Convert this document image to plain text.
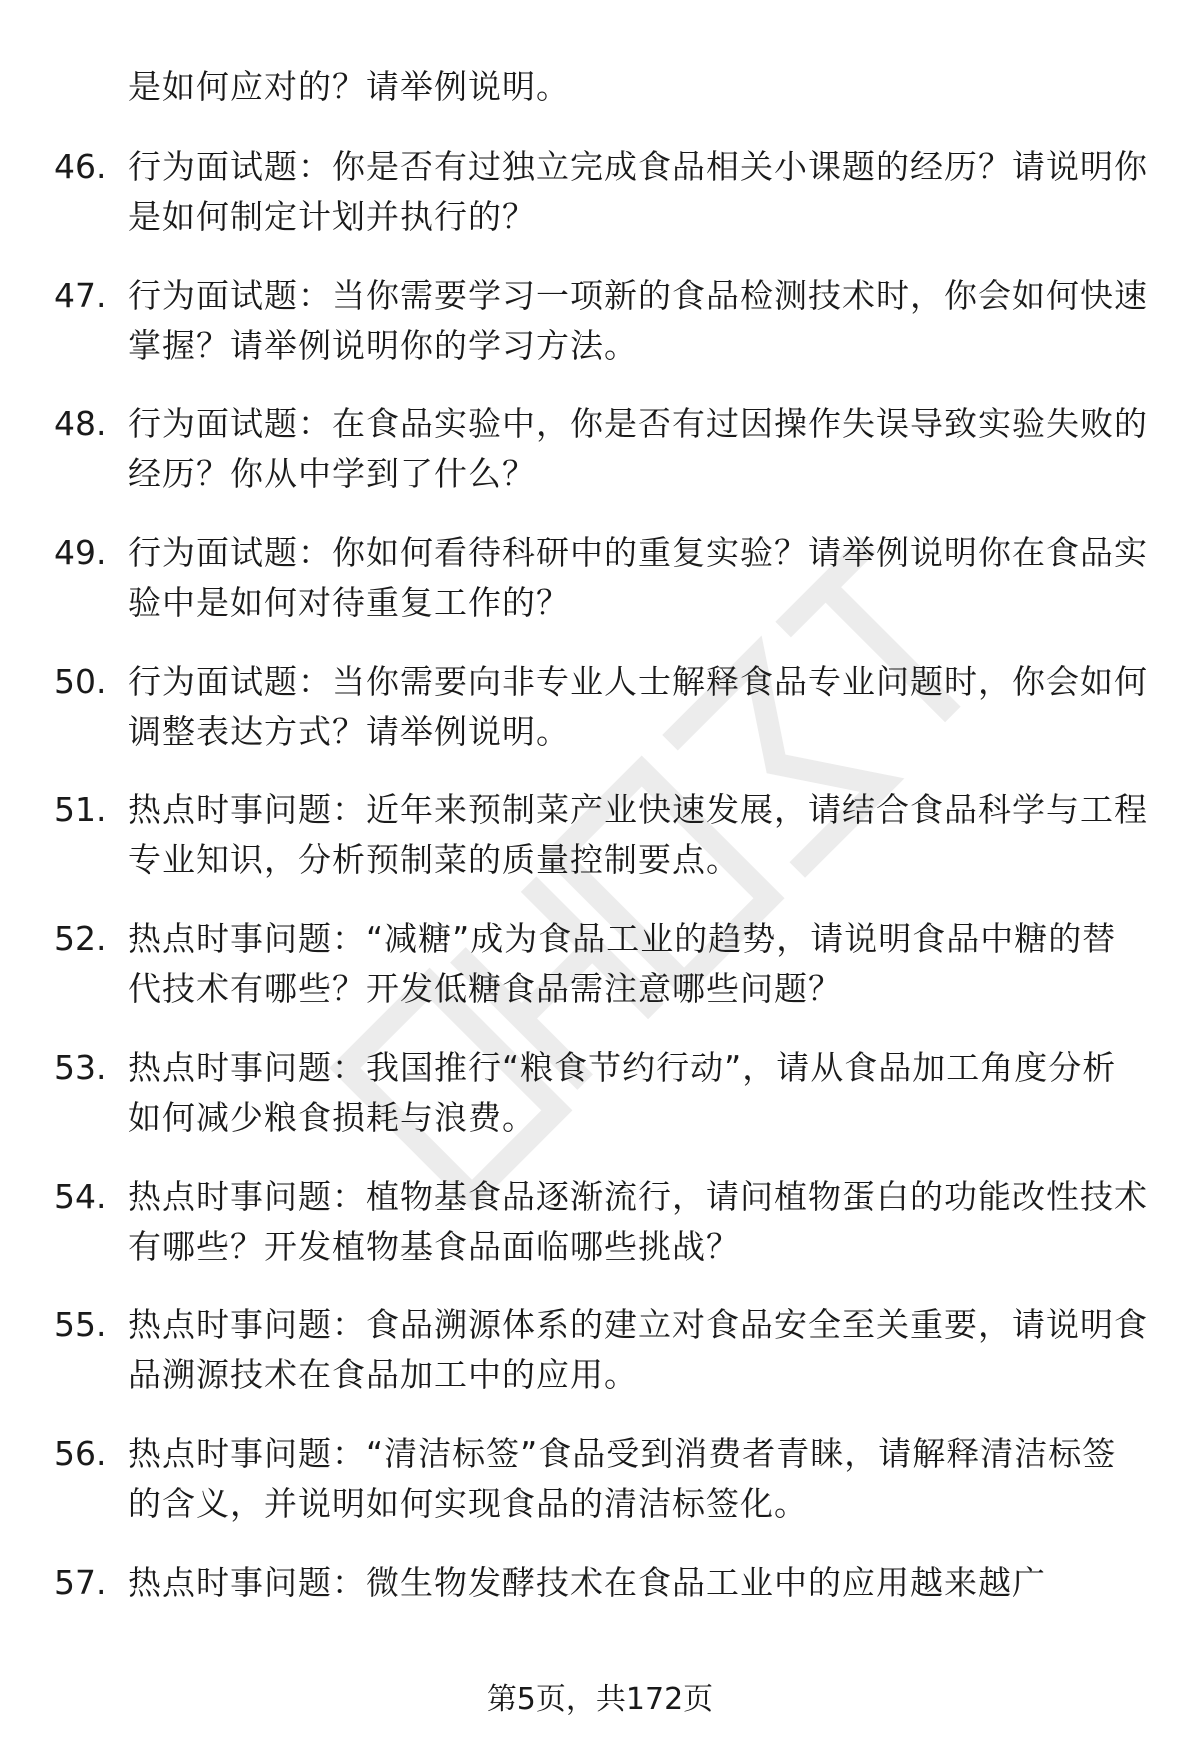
是如何应对的？请举例说明。
46. 行为面试题：你是否有过独立完成食品相关小课题的经历？请说明你是如何制定计划并执行的？
47. 行为面试题：当你需要学习一项新的食品检测技术时，你会如何快速掌握？请举例说明你的学习方法。
48. 行为面试题：在食品实验中，你是否有过因操作失误导致实验失败的经历？你从中学到了什么？
49. 行为面试题：你如何看待科研中的重复实验？请举例说明你在食品实验中是如何对待重复工作的？
50. 行为面试题：当你需要向非专业人士解释食品专业问题时，你会如何调整表达方式？请举例说明。
51. 热点时事问题：近年来预制菜产业快速发展，请结合食品科学与工程专业知识，分析预制菜的质量控制要点。
52. 热点时事问题：“减糖”成为食品工业的趋势，请说明食品中糖的替代技术有哪些？开发低糖食品需注意哪些问题？
53. 热点时事问题：我国推行“粮食节约行动”，请从食品加工角度分析如何减少粮食损耗与浪费。
54. 热点时事问题：植物基食品逐渐流行，请问植物蛋白的功能改性技术有哪些？开发植物基食品面临哪些挑战？
55. 热点时事问题：食品溯源体系的建立对食品安全至关重要，请说明食品溯源技术在食品加工中的应用。
56. 热点时事问题：“清洁标签”食品受到消费者青睐，请解释清洁标签的含义，并说明如何实现食品的清洁标签化。
57. 热点时事问题：微生物发酵技术在食品工业中的应用越来越广
第5页，共172页
